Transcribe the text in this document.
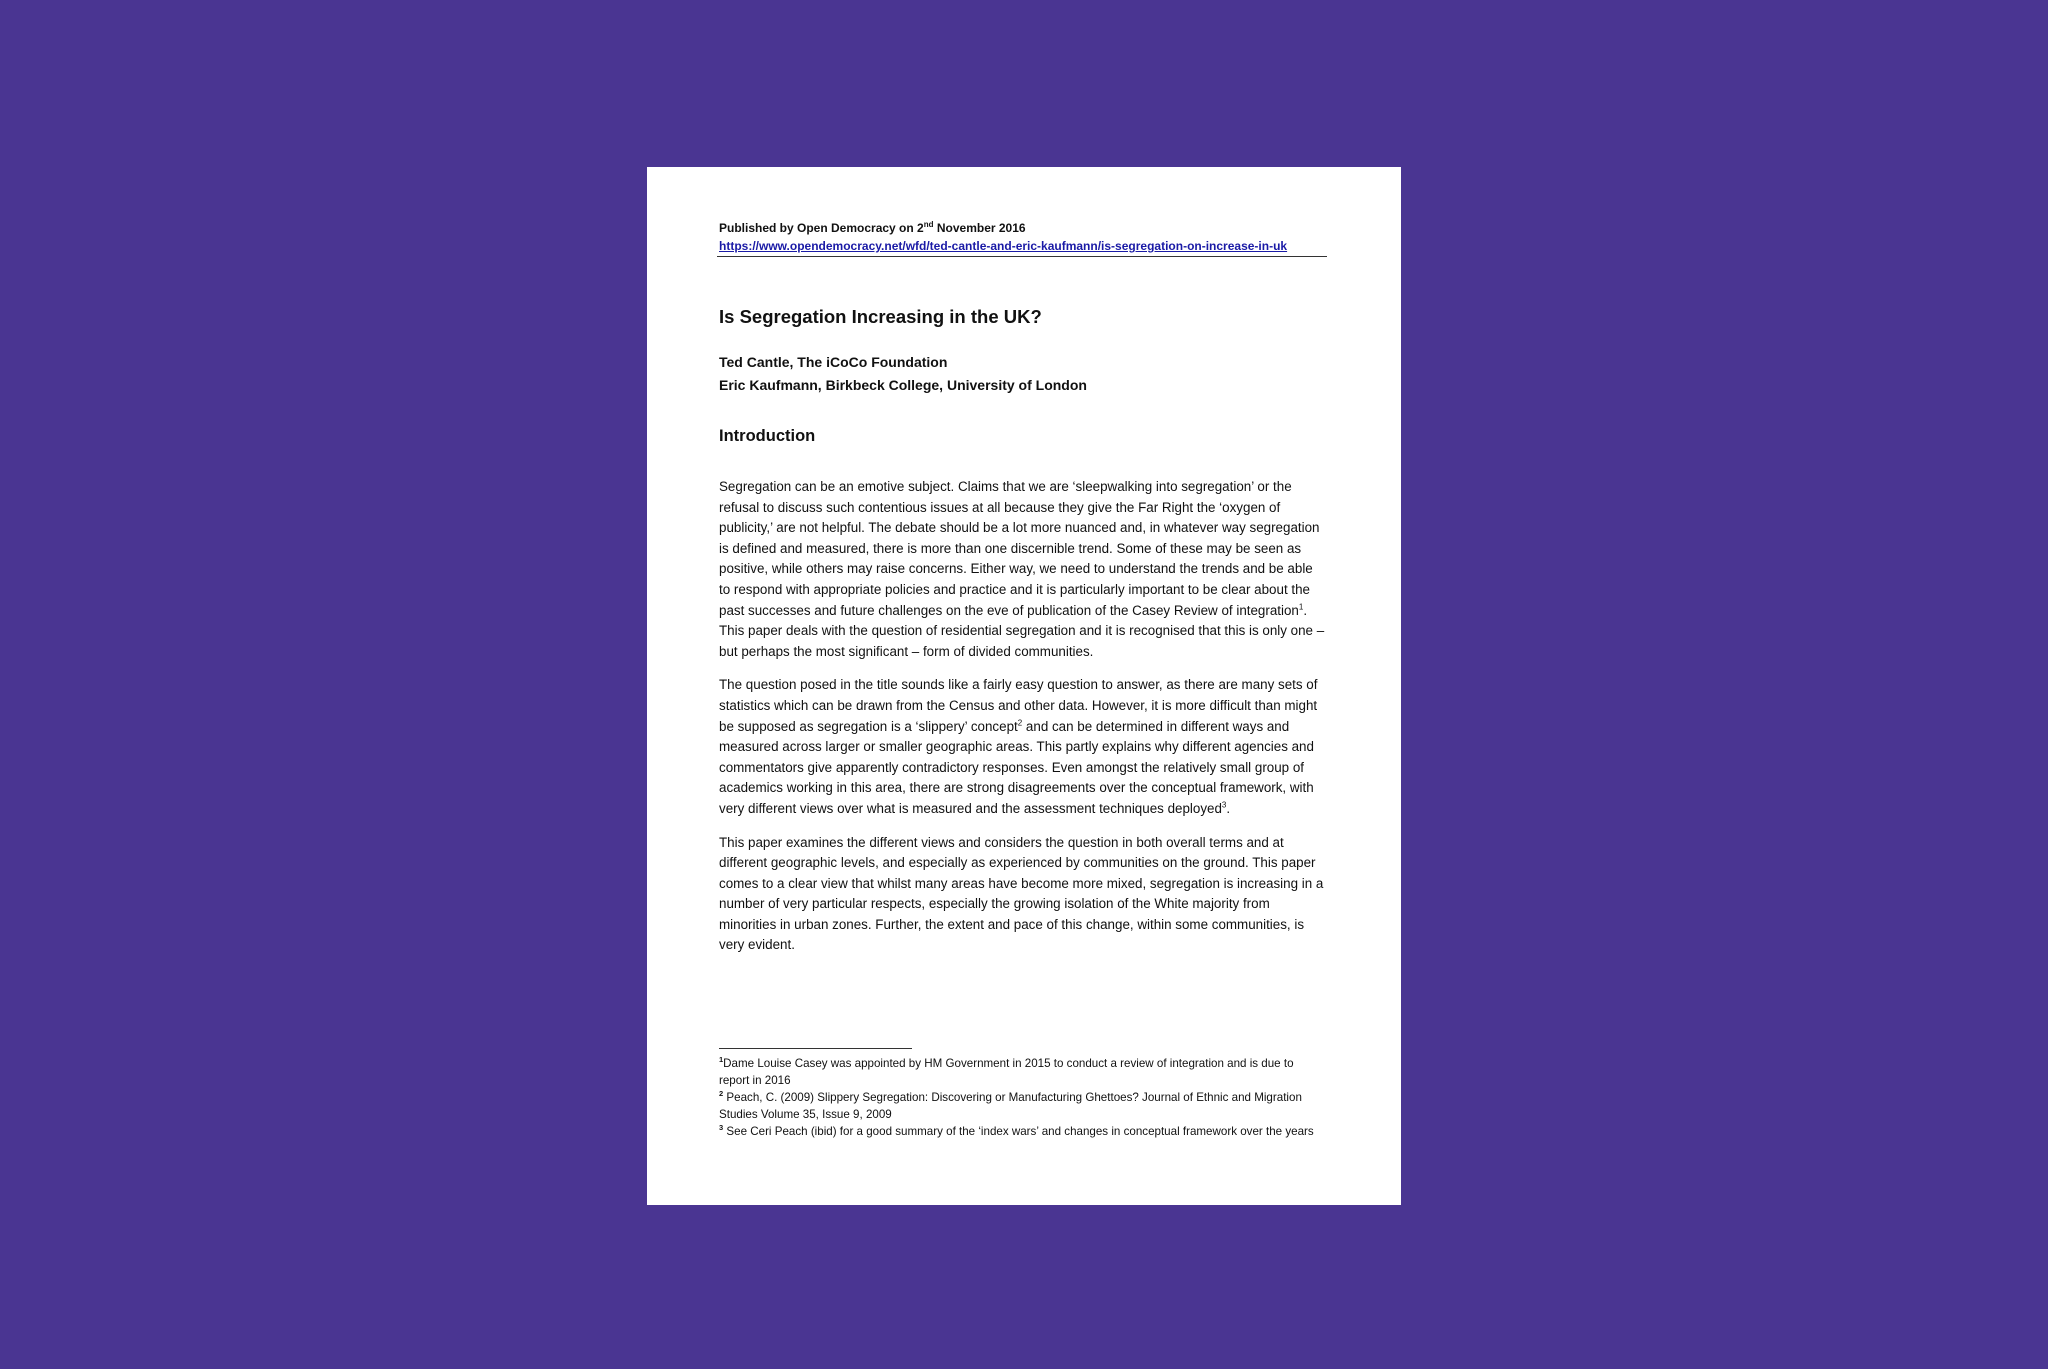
Published by Open Democracy on 2nd November 2016

https://www.opendemocracy.net/wfd/ted-cantle-and-eric-kaufmann/is-segregation-on-increase-in-uk
Is Segregation Increasing in the UK?
Ted Cantle, The iCoCo Foundation
Eric Kaufmann, Birkbeck College, University of London
Introduction

Segregation can be an emotive subject. Claims that we are ‘sleepwalking into segregation’ or the refusal to discuss such contentious issues at all because they give the Far Right the ‘oxygen of publicity,’ are not helpful. The debate should be a lot more nuanced and, in whatever way segregation is defined and measured, there is more than one discernible trend. Some of these may be seen as positive, while others may raise concerns. Either way, we need to understand the trends and be able to respond with appropriate policies and practice and it is particularly important to be clear about the past successes and future challenges on the eve of publication of the Casey Review of integration$^1$. This paper deals with the question of residential segregation and it is recognised that this is only one – but perhaps the most significant – form of divided communities.

The question posed in the title sounds like a fairly easy question to answer, as there are many sets of statistics which can be drawn from the Census and other data. However, it is more difficult than might be supposed as segregation is a ‘slippery’ concept$^2$ and can be determined in different ways and measured across larger or smaller geographic areas. This partly explains why different agencies and commentators give apparently contradictory responses. Even amongst the relatively small group of academics working in this area, there are strong disagreements over the conceptual framework, with very different views over what is measured and the assessment techniques deployed$^3$.

This paper examines the different views and considers the question in both overall terms and at different geographic levels, and especially as experienced by communities on the ground. This paper comes to a clear view that whilst many areas have become more mixed, segregation is increasing in a number of very particular respects, especially the growing isolation of the White majority from minorities in urban zones. Further, the extent and pace of this change, within some communities, is very evident.

$^1$Dame Louise Casey was appointed by HM Government in 2015 to conduct a review of integration and is due to report in 2016

$^2$ Peach, C. (2009) Slippery Segregation: Discovering or Manufacturing Ghettoes? Journal of Ethnic and Migration Studies Volume 35, Issue 9, 2009

$^3$ See Ceri Peach (ibid) for a good summary of the ‘index wars’ and changes in conceptual framework over the years
